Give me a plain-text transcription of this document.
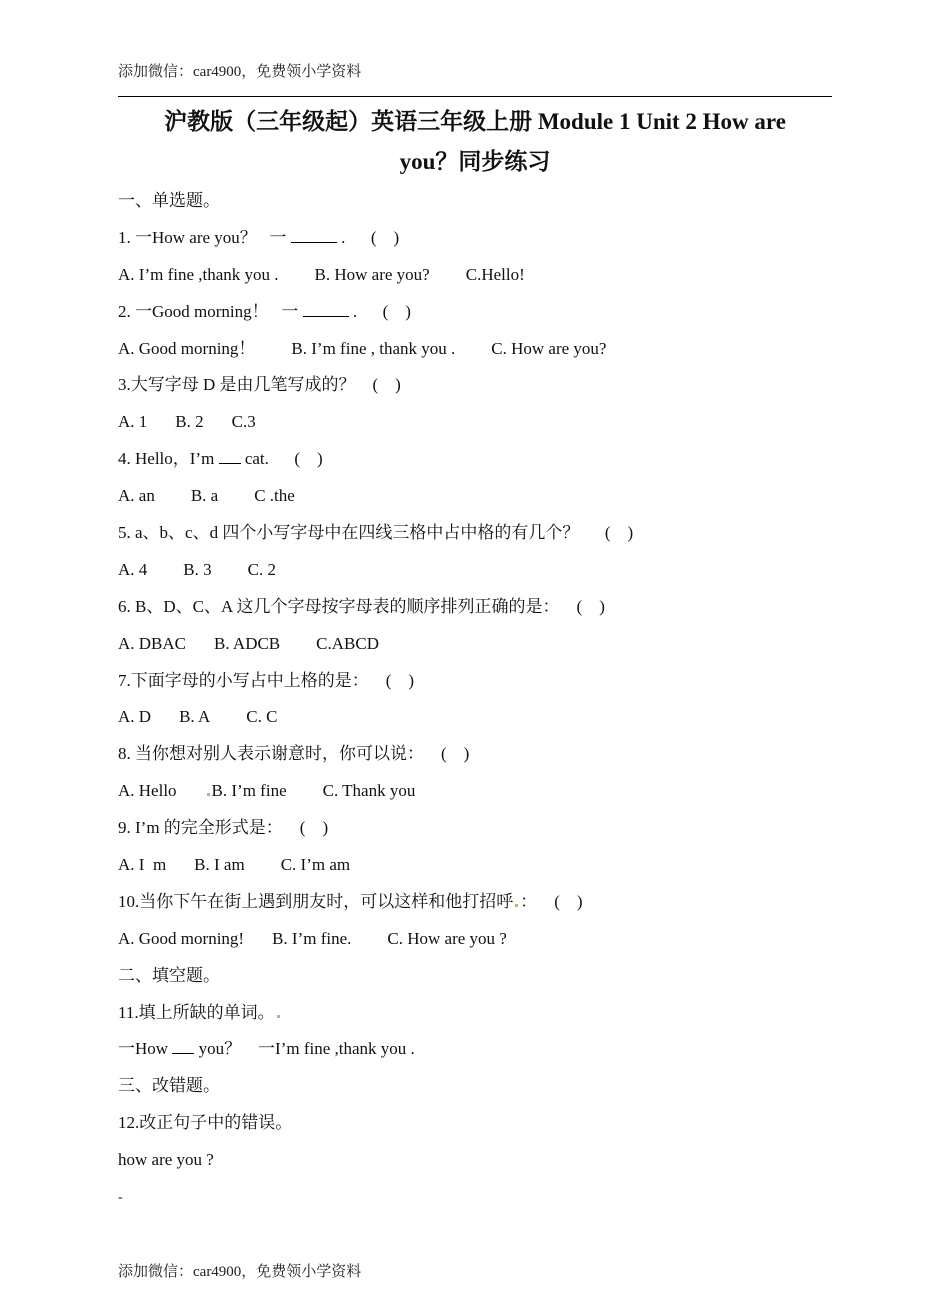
添加微信：car4900，免费领小学资料
沪教版（三年级起）英语三年级上册 Module 1 Unit 2 How are
you？同步练习
一、单选题。
1. 一How are you？   一	.      (    )
A. I’m fine ,thank you . B. How are you? C.Hello!
2. 一Good morning！   一	.      (    )
A. Good morning！ B. I’m fine , thank you . C. How are you?
3.大写字母 D 是由几笔写成的？    (    )
A. 1 B. 2 C.3
4. Hello，I’m  cat.      (    )
A. an B. a C .the
5. a、b、c、d 四个小写字母中在四线三格中占中格的有几个？      (    )
A. 4 B. 3 C. 2
6. B、D、C、A 这几个字母按字母表的顺序排列正确的是：    (    )
A. DBAC B. ADCB C.ABCD
7.下面字母的小写占中上格的是：    (    )
A. D B. A C. C
8. 当你想对别人表示谢意时，你可以说：    (    )
A. Hello B. I’m fine C. Thank you
9. I’m 的完全形式是：    (    )
A. I  m B. I am C. I’m am
10.当你下午在街上遇到朋友时，可以这样和他打招呼 ：    (    )
A. Good morning! B. I’m fine. C. How are you ?
二、填空题。
11.填上所缺的单词。
一How  you？    一I’m fine ,thank you .
三、改错题。
12.改正句子中的错误。
how are you ?
-
添加微信：car4900，免费领小学资料
